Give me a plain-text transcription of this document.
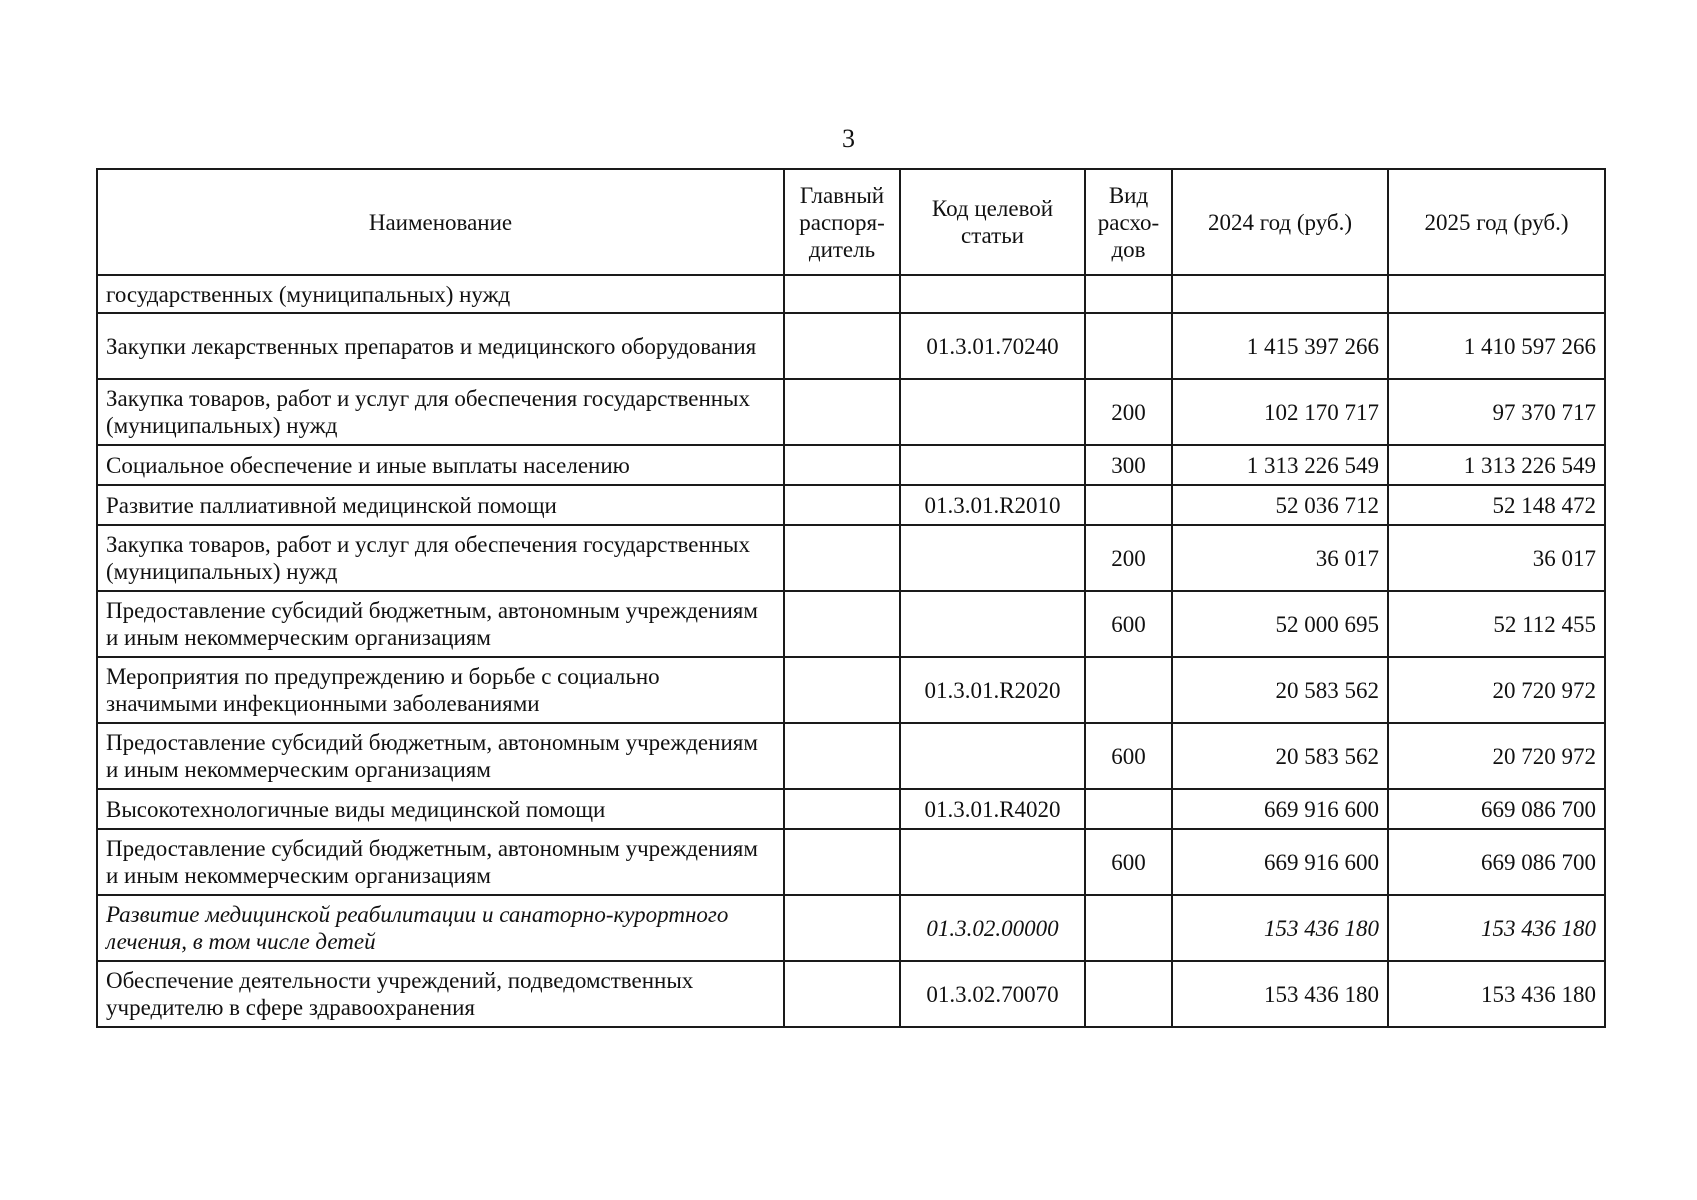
3
Наименование	Главный распоря-дитель	Код целевой статьи	Вид расхо-дов	2024 год (руб.)	2025 год (руб.)
государственных (муниципальных) нужд					
Закупки лекарственных препаратов и медицинского оборудования		01.3.01.70240		1 415 397 266	1 410 597 266
Закупка товаров, работ и услуг для обеспечения государственных (муниципальных) нужд			200	102 170 717	97 370 717
Социальное обеспечение и иные выплаты населению			300	1 313 226 549	1 313 226 549
Развитие паллиативной медицинской помощи		01.3.01.R2010		52 036 712	52 148 472
Закупка товаров, работ и услуг для обеспечения государственных (муниципальных) нужд			200	36 017	36 017
Предоставление субсидий бюджетным, автономным учреждениям и иным некоммерческим организациям			600	52 000 695	52 112 455
Мероприятия по предупреждению и борьбе с социально значимыми инфекционными заболеваниями		01.3.01.R2020		20 583 562	20 720 972
Предоставление субсидий бюджетным, автономным учреждениям и иным некоммерческим организациям			600	20 583 562	20 720 972
Высокотехнологичные виды медицинской помощи		01.3.01.R4020		669 916 600	669 086 700
Предоставление субсидий бюджетным, автономным учреждениям и иным некоммерческим организациям			600	669 916 600	669 086 700
Развитие медицинской реабилитации и санаторно-курортного лечения, в том числе детей		01.3.02.00000		153 436 180	153 436 180
Обеспечение деятельности учреждений, подведомственных учредителю в сфере здравоохранения		01.3.02.70070		153 436 180	153 436 180
